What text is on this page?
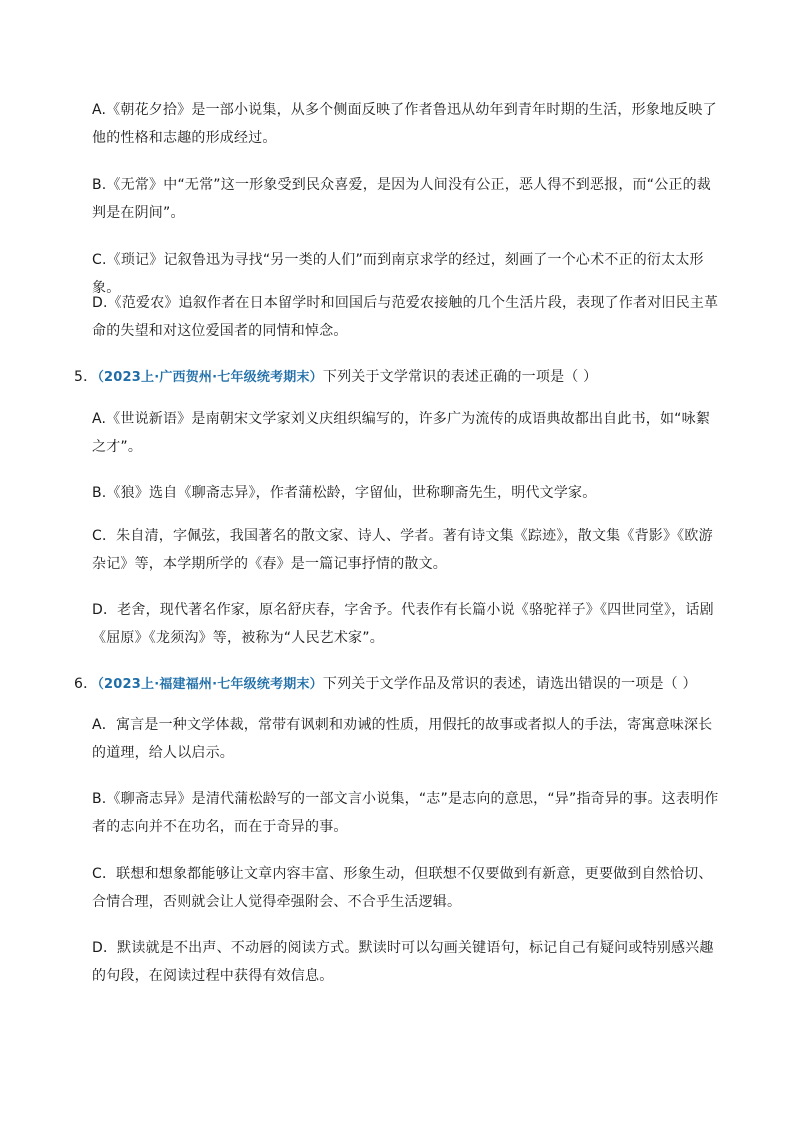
A.《朝花夕拾》是一部小说集，从多个侧面反映了作者鲁迅从幼年到青年时期的生活，形象地反映了他的性格和志趣的形成经过。
B.《无常》中“无常”这一形象受到民众喜爱，是因为人间没有公正，恶人得不到恶报，而“公正的裁判是在阴间”。
C.《琐记》记叙鲁迅为寻找“另一类的人们”而到南京求学的经过，刻画了一个心术不正的衍太太形象。
D.《范爱农》追叙作者在日本留学时和回国后与范爱农接触的几个生活片段，表现了作者对旧民主革命的失望和对这位爱国者的同情和悼念。
5．（2023上·广西贺州·七年级统考期末）下列关于文学常识的表述正确的一项是（ ）
A.《世说新语》是南朝宋文学家刘义庆组织编写的，许多广为流传的成语典故都出自此书，如“咏絮之才”。
B.《狼》选自《聊斋志异》，作者蒲松龄，字留仙，世称聊斋先生，明代文学家。
C．朱自清，字佩弦，我国著名的散文家、诗人、学者。著有诗文集《踪迹》，散文集《背影》《欧游杂记》等，本学期所学的《春》是一篇记事抒情的散文。
D．老舍，现代著名作家，原名舒庆春，字舍予。代表作有长篇小说《骆驼祥子》《四世同堂》，话剧《屈原》《龙须沟》等，被称为“人民艺术家”。
6．（2023上·福建福州·七年级统考期末）下列关于文学作品及常识的表述，请选出错误的一项是（ ）
A．寓言是一种文学体裁，常带有讽刺和劝诫的性质，用假托的故事或者拟人的手法，寄寓意味深长的道理，给人以启示。
B.《聊斋志异》是清代蒲松龄写的一部文言小说集，“志”是志向的意思，“异”指奇异的事。这表明作者的志向并不在功名，而在于奇异的事。
C．联想和想象都能够让文章内容丰富、形象生动，但联想不仅要做到有新意，更要做到自然恰切、合情合理，否则就会让人觉得牵强附会、不合乎生活逻辑。
D．默读就是不出声、不动唇的阅读方式。默读时可以勾画关键语句，标记自己有疑问或特别感兴趣的句段，在阅读过程中获得有效信息。
